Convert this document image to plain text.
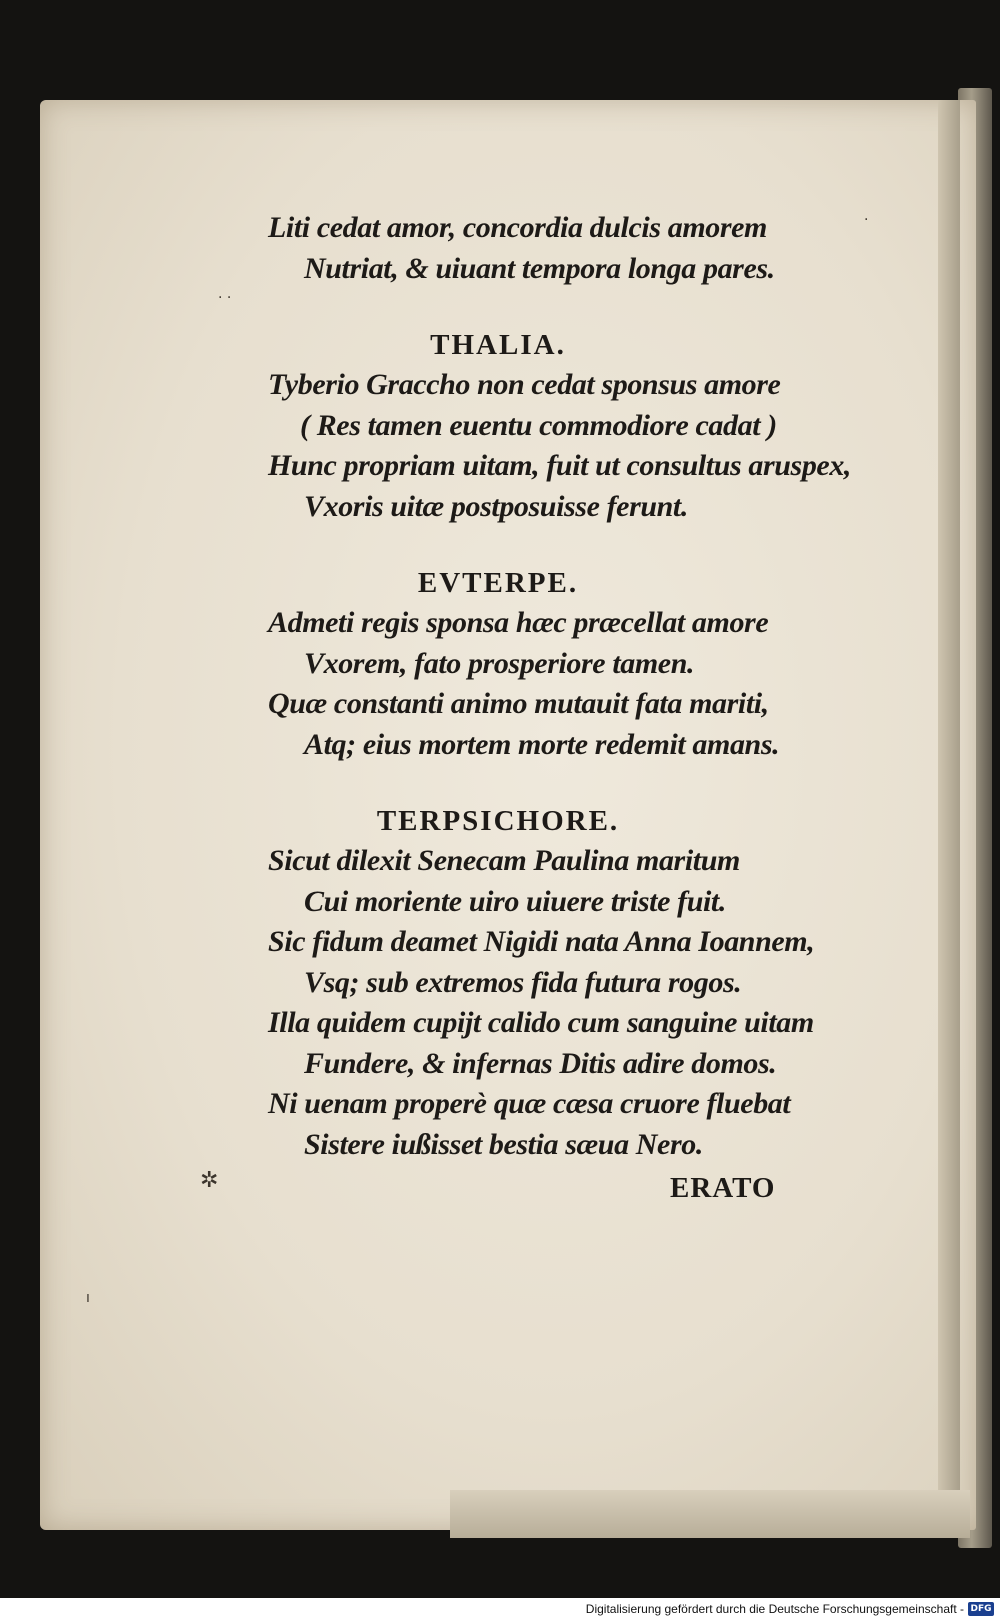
· ·
✲
ı
·
Liti cedat amor, concordia dulcis amorem
Nutriat, & uiuant tempora longa pares.
THALIA.
Tyberio Graccho non cedat sponsus amore
( Res tamen euentu commodiore cadat )
Hunc propriam uitam, fuit ut consultus aruspex,
Vxoris uitæ postposuisse ferunt.
EVTERPE.
Admeti regis sponsa hæc præcellat amore
Vxorem, fato prosperiore tamen.
Quæ constanti animo mutauit fata mariti,
Atq; eius mortem morte redemit amans.
TERPSICHORE.
Sicut dilexit Senecam Paulina maritum
Cui moriente uiro uiuere triste fuit.
Sic fidum deamet Nigidi nata Anna Ioannem,
Vsq; sub extremos fida futura rogos.
Illa quidem cupijt calido cum sanguine uitam
Fundere, & infernas Ditis adire domos.
Ni uenam properè quæ cæsa cruore fluebat
Sistere iußisset bestia sæua Nero.
ERATO
Digitalisierung gefördert durch die Deutsche Forschungsgemeinschaft - DFG
